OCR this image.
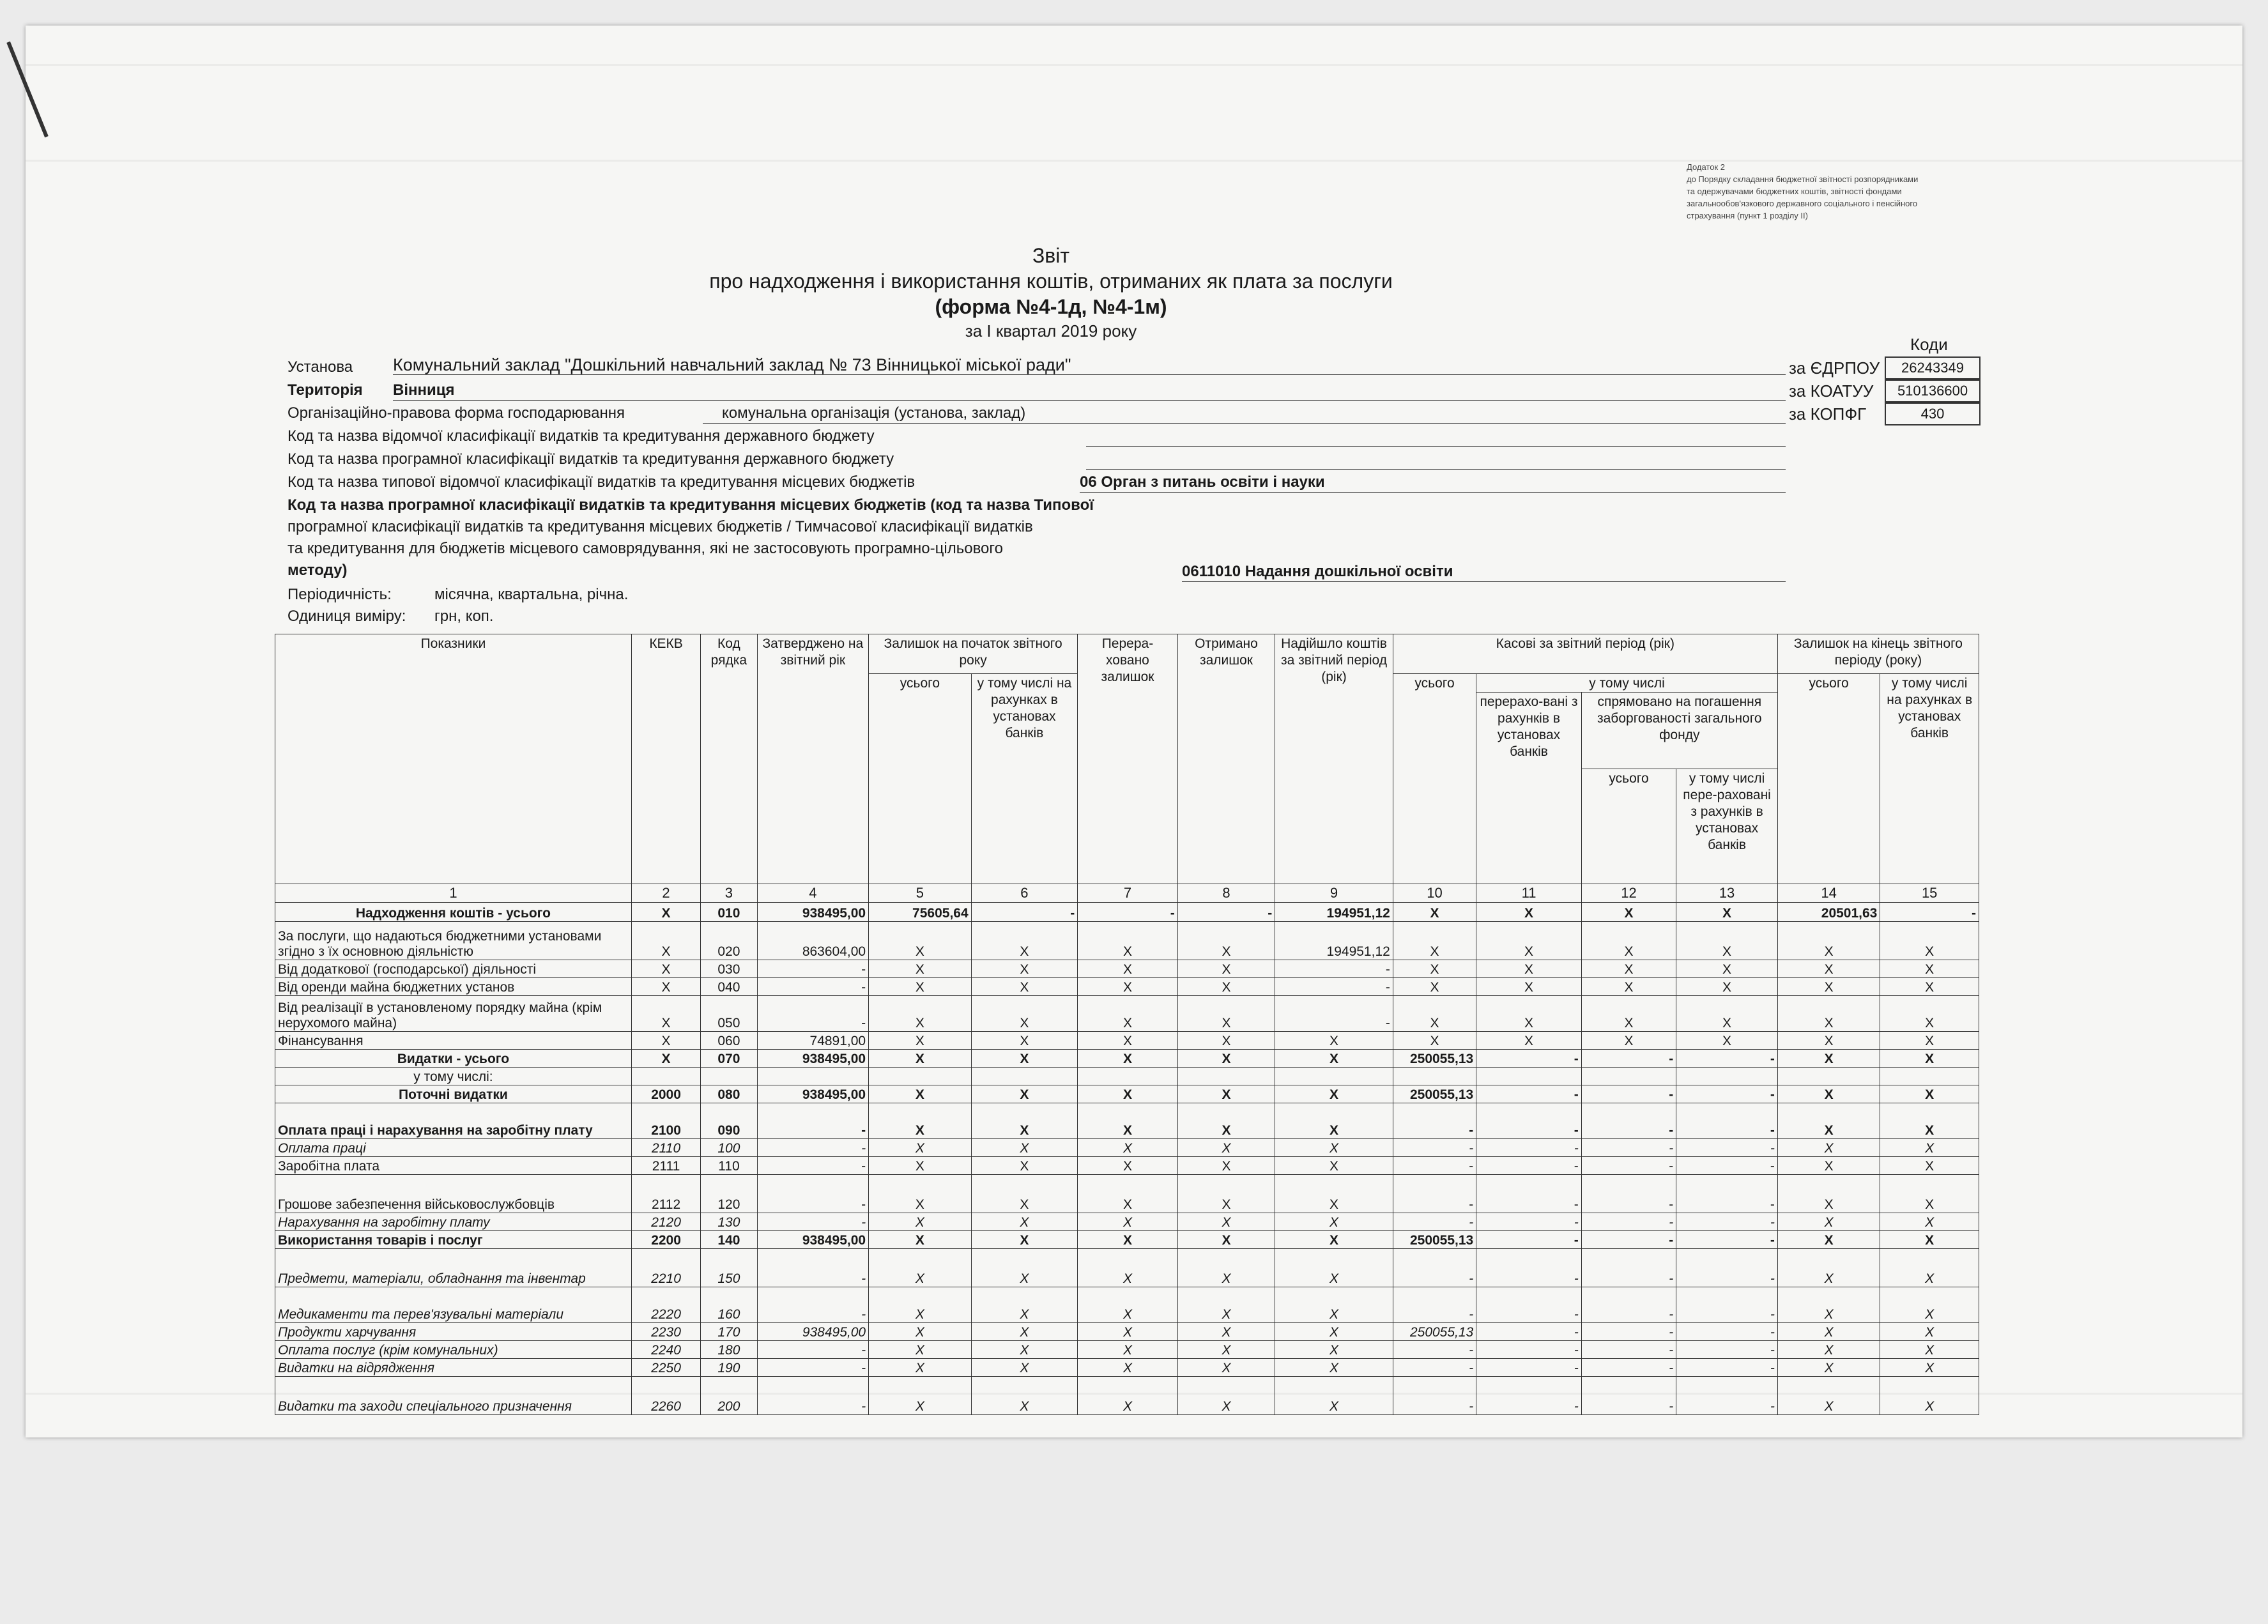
Додаток 2
до Порядку складання бюджетної звітності розпорядниками
та одержувачами бюджетних коштів, звітності фондами
загальнообов'язкового державного соціального і пенсійного
страхування (пункт 1 розділу ІІ)
Звіт
про надходження і використання коштів, отриманих як плата за послуги
(форма №4-1д, №4-1м)
за І квартал 2019 року
Коди
за ЄДРПОУ	26243349
за КОАТУУ	510136600
за КОПФГ	430
Установа Комунальний заклад "Дошкільний навчальний заклад № 73 Вінницької міської ради"
Територія Вінниця
Організаційно-правова форма господарювання	комунальна організація (установа, заклад)
Код та назва відомчої класифікації видатків та кредитування державного бюджету
Код та назва програмної класифікації видатків та кредитування державного бюджету
Код та назва типової відомчої класифікації видатків та кредитування місцевих бюджетів	06 Орган з питань освіти і науки
Код та назва програмної класифікації видатків та кредитування місцевих бюджетів (код та назва Типової
програмної класифікації видатків та кредитування місцевих бюджетів / Тимчасової класифікації видатків
та кредитування для бюджетів місцевого самоврядування, які не застосовують програмно-цільового
методу)	0611010 Надання дошкільної освіти
Періодичність:	місячна, квартальна, річна.
Одиниця виміру: грн, коп.
Показники	КЕКВ	Код рядка	Затверджено на звітний рік	Залишок на початок звітного року		Перера-ховано залишок	Отримано залишок	Надійшло коштів за звітний період (рік)	Касові за звітний період (рік)				Залишок на кінець звітного періоду (року)	
				усього	у тому числі на рахунках в установах банків				усього	у тому числі			усього	у тому числі на рахунках в установах банків
										перерахо-вані з рахунків в установах банків	спрямовано на погашення заборгованості загального фонду			
											усього	у тому числі пере-раховані з рахунків в установах банків		
1	2	3	4	5	6	7	8	9	10	11	12	13	14	15
Надходження коштів - усього	X	010	938495,00	75605,64	-	-	-	194951,12	X	X	X	X	20501,63	-
За послуги, що надаються бюджетними установами згідно з їх основною діяльністю	X	020	863604,00	X	X	X	X	194951,12	X	X	X	X	X	X
Від додаткової (господарської) діяльності	X	030	-	X	X	X	X	-	X	X	X	X	X	X
Від оренди майна бюджетних установ	X	040	-	X	X	X	X	-	X	X	X	X	X	X
Від реалізації в установленому порядку майна (крім нерухомого майна)	X	050	-	X	X	X	X	-	X	X	X	X	X	X
Фінансування	X	060	74891,00	X	X	X	X	X	X	X	X	X	X	X
Видатки - усього	X	070	938495,00	X	X	X	X	X	250055,13	-	-	-	X	X
у тому числі:														
Поточні видатки	2000	080	938495,00	X	X	X	X	X	250055,13	-	-	-	X	X
Оплата праці і нарахування на заробітну плату	2100	090	-	X	X	X	X	X	-	-	-	-	X	X
Оплата праці	2110	100	-	X	X	X	X	X	-	-	-	-	X	X
Заробітна плата	2111	110	-	X	X	X	X	X	-	-	-	-	X	X
Грошове забезпечення військовослужбовців	2112	120	-	X	X	X	X	X	-	-	-	-	X	X
Нарахування на заробітну плату	2120	130	-	X	X	X	X	X	-	-	-	-	X	X
Використання товарів і послуг	2200	140	938495,00	X	X	X	X	X	250055,13	-	-	-	X	X
Предмети, матеріали, обладнання та інвентар	2210	150	-	X	X	X	X	X	-	-	-	-	X	X
Медикаменти та перев'язувальні матеріали	2220	160	-	X	X	X	X	X	-	-	-	-	X	X
Продукти харчування	2230	170	938495,00	X	X	X	X	X	250055,13	-	-	-	X	X
Оплата послуг (крім комунальних)	2240	180	-	X	X	X	X	X	-	-	-	-	X	X
Видатки на відрядження	2250	190	-	X	X	X	X	X	-	-	-	-	X	X
Видатки та заходи спеціального призначення	2260	200	-	X	X	X	X	X	-	-	-	-	X	X
